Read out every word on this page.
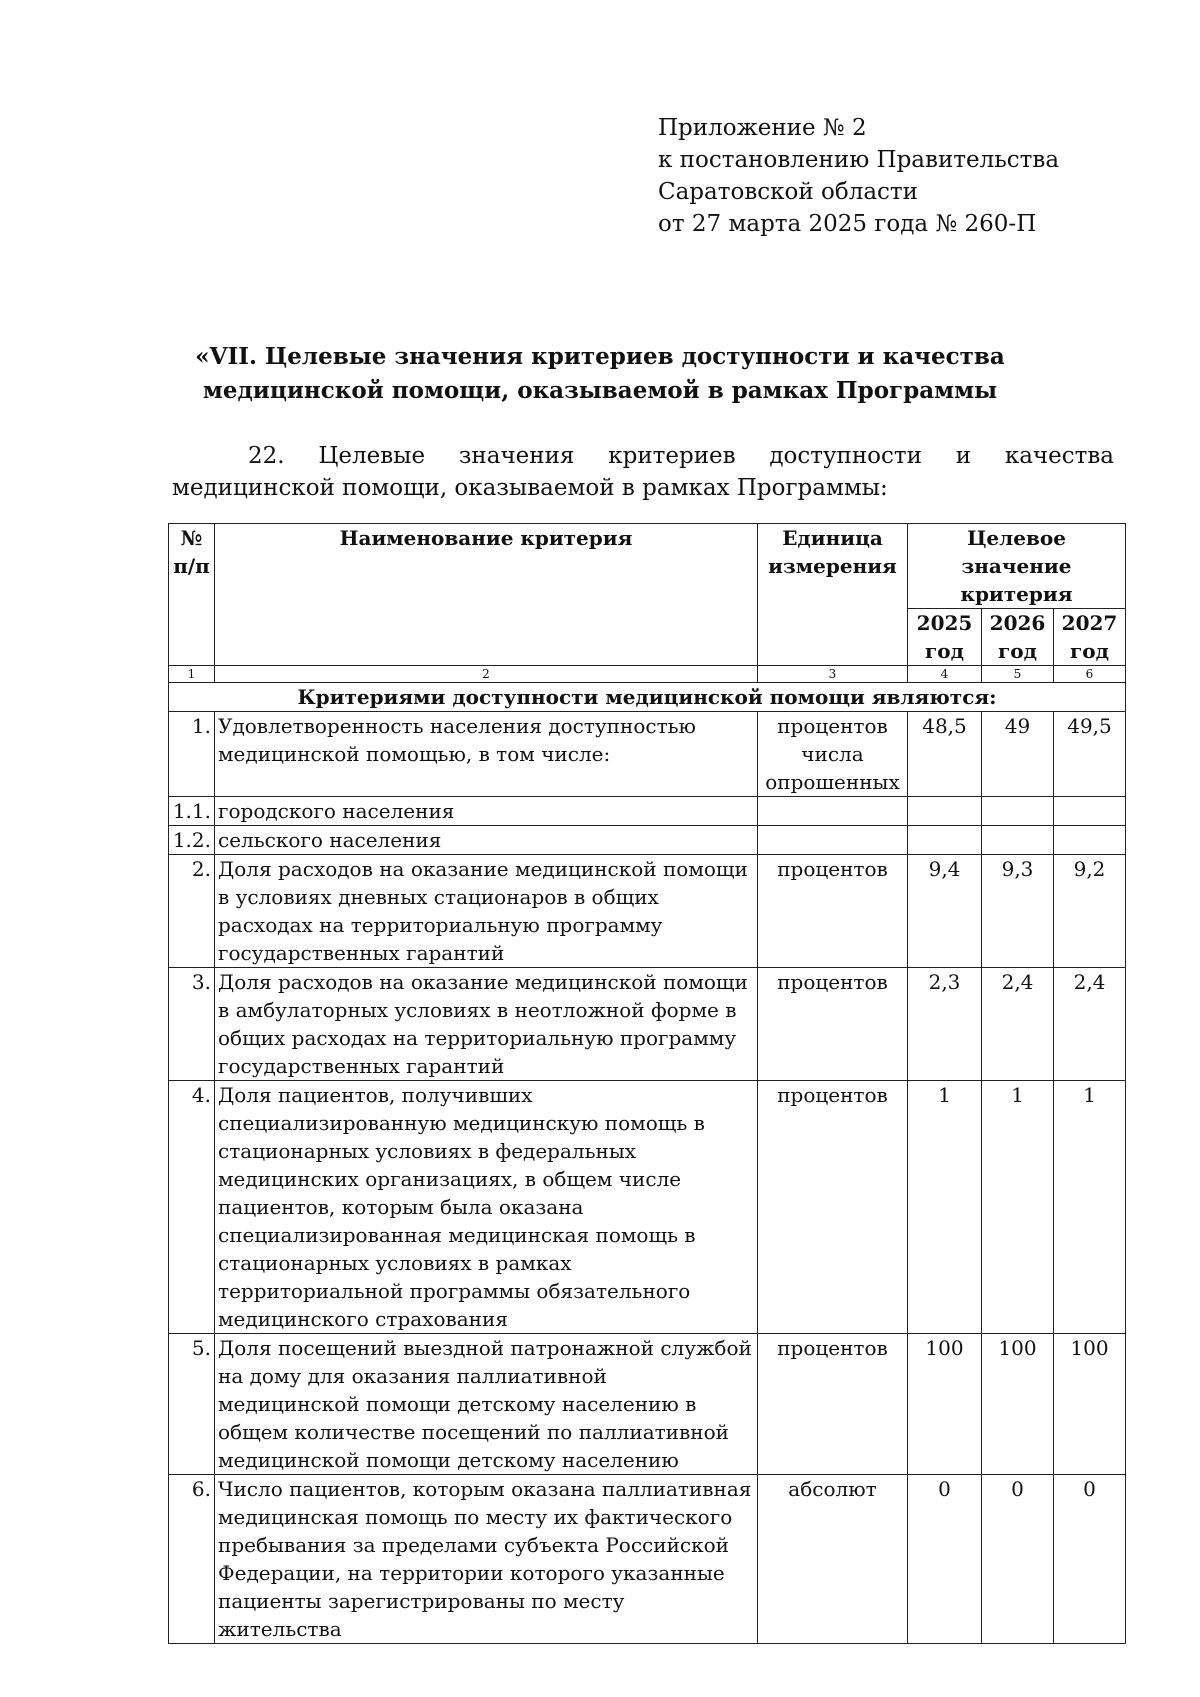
Приложение № 2
к постановлению Правительства
Саратовской области
от 27 марта 2025 года № 260-П
«VII. Целевые значения критериев доступности и качества
медицинской помощи, оказываемой в рамках Программы
22. Целевые значения критериев доступности и качества медицинской помощи, оказываемой в рамках Программы:
№ п/п	Наименование критерия	Единица измерения	Целевое значение критерия		
			2025 год	2026 год	2027 год
1	2	3	4	5	6
Критериями доступности медицинской помощи являются:					
1.	Удовлетворенность населения доступностью медицинской помощью, в том числе:	процентов числа опрошенных	48,5	49	49,5
1.1.	городского населения				
1.2.	сельского населения				
2.	Доля расходов на оказание медицинской помощи в условиях дневных стационаров в общих расходах на территориальную программу государственных гарантий	процентов	9,4	9,3	9,2
3.	Доля расходов на оказание медицинской помощи в амбулаторных условиях в неотложной форме в общих расходах на территориальную программу государственных гарантий	процентов	2,3	2,4	2,4
4.	Доля пациентов, получивших специализированную медицинскую помощь в стационарных условиях в федеральных медицинских организациях, в общем числе пациентов, которым была оказана специализированная медицинская помощь в стационарных условиях в рамках территориальной программы обязательного медицинского страхования	процентов	1	1	1
5.	Доля посещений выездной патронажной службой на дому для оказания паллиативной медицинской помощи детскому населению в общем количестве посещений по паллиативной медицинской помощи детскому населению	процентов	100	100	100
6.	Число пациентов, которым оказана паллиативная медицинская помощь по месту их фактического пребывания за пределами субъекта Российской Федерации, на территории которого указанные пациенты зарегистрированы по месту жительства	абсолют	0	0	0
